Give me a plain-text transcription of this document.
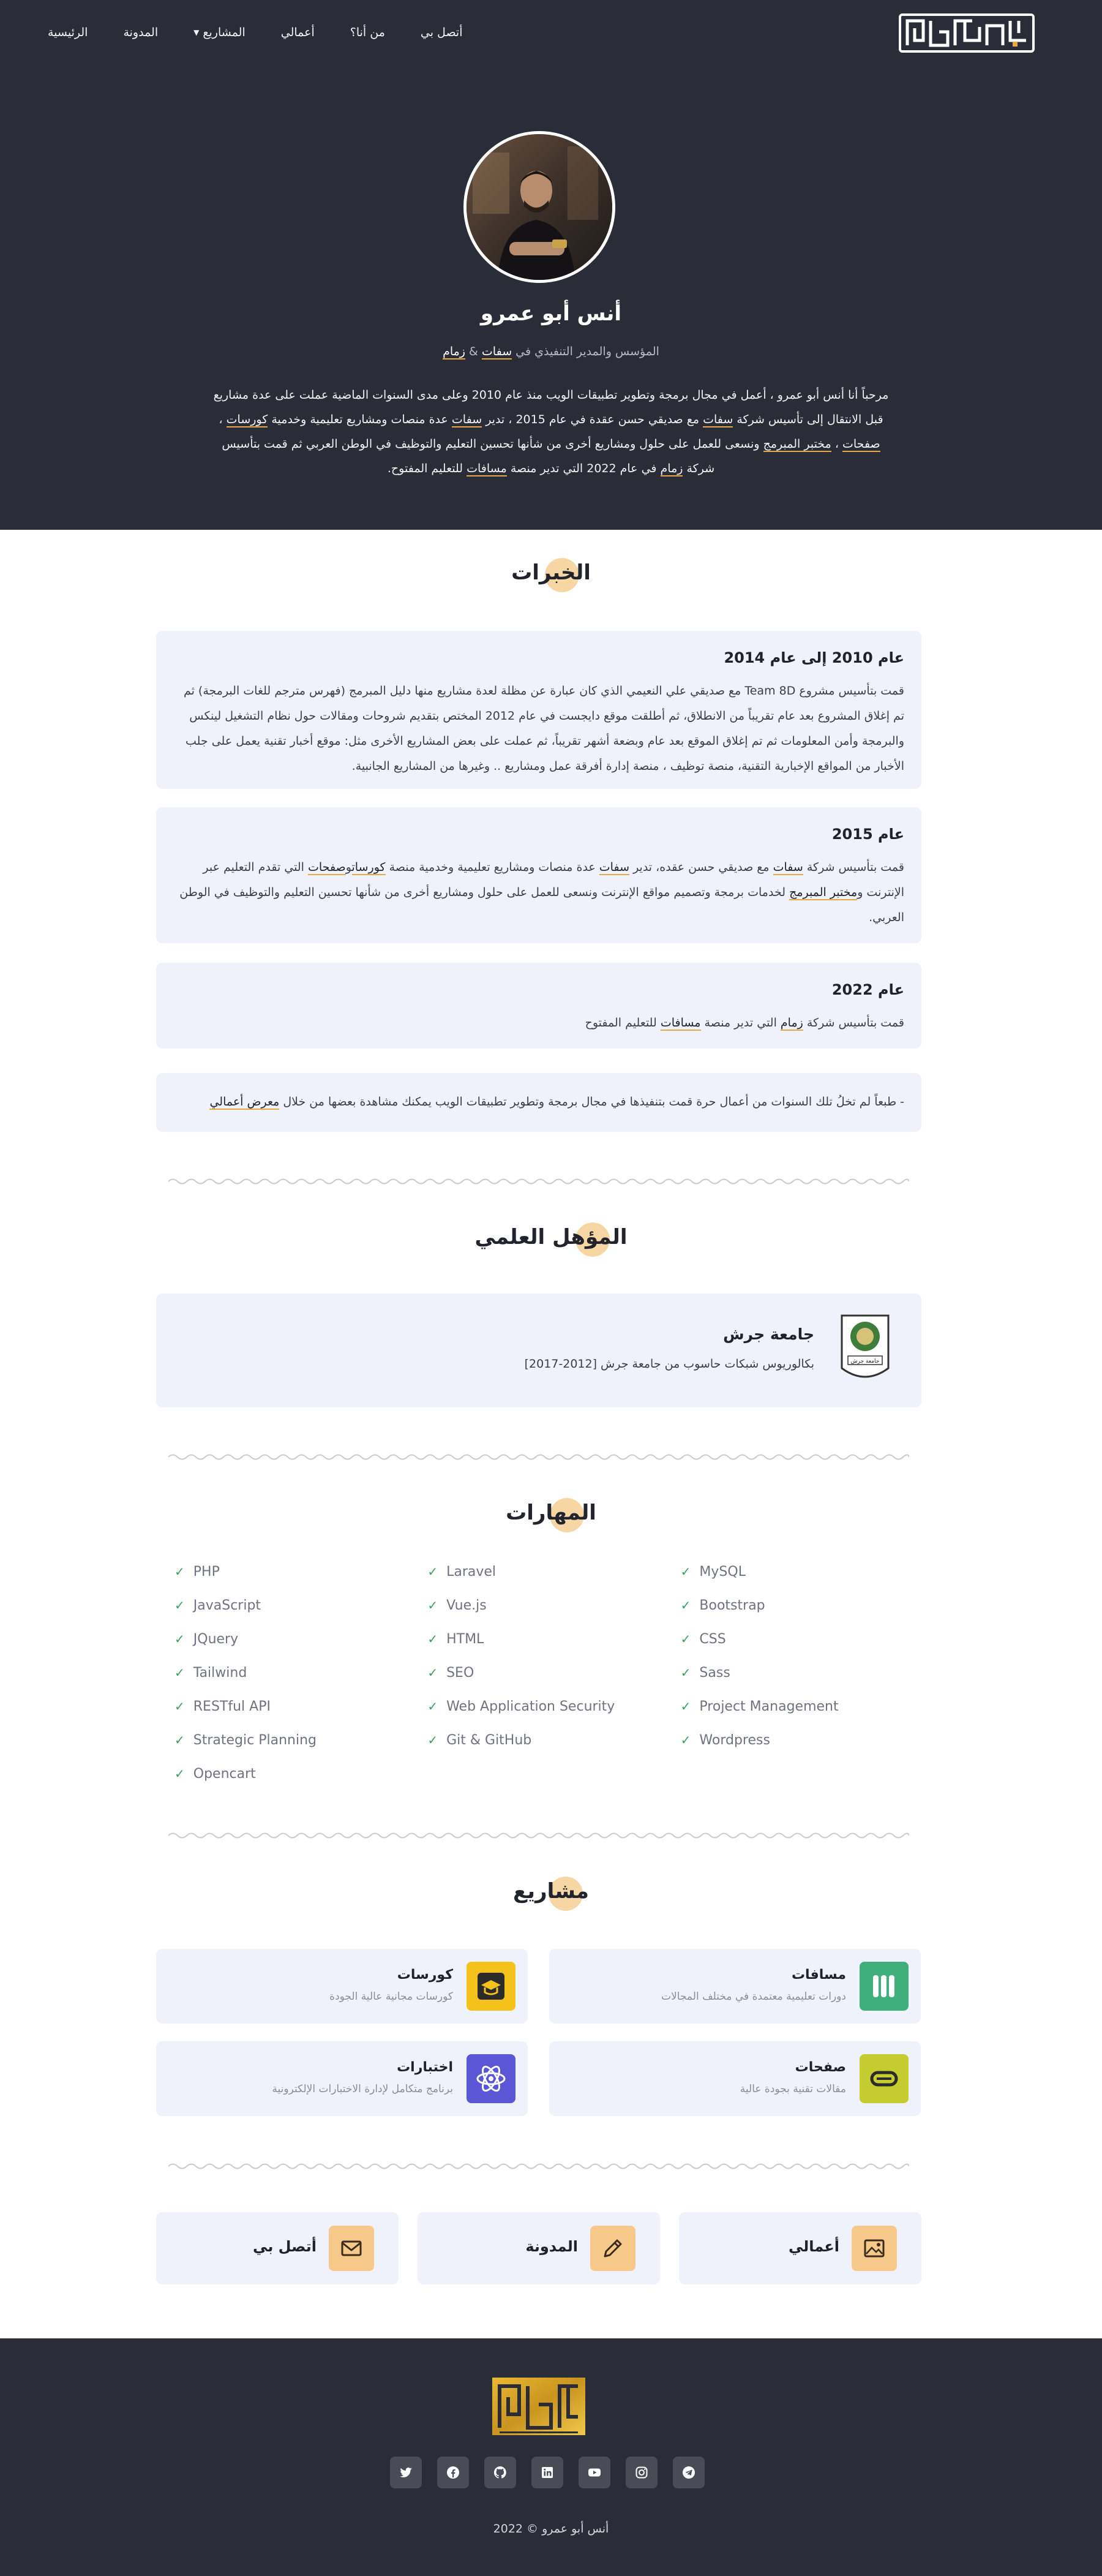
الرئيسية	المدونة	المشاريع
▼	أعمالي	من أنا؟	أتصل بي
أنس أبو عمرو

المؤسس والمدير التنفيذي في سفات & زمام

مرحباً أنا أنس أبو عمرو ، أعمل في مجال برمجة وتطوير تطبيقات الويب منذ عام 2010 وعلى مدى السنوات الماضية عملت على عدة مشاريع قبل الانتقال إلى تأسيس شركة سفات مع صديقي حسن عقدة في عام 2015 ، تدير سفات عدة منصات ومشاريع تعليمية وخدمية كورسات ، صفحات ، مختبر المبرمج ونسعى للعمل على حلول ومشاريع أخرى من شأنها تحسين التعليم والتوظيف في الوطن العربي ثم قمت بتأسيس شركة زمام في عام 2022 التي تدير منصة مسافات للتعليم المفتوح.

الخبرات
عام 2010 إلى عام 2014
قمت بتأسيس مشروع Team 8D مع صديقي علي النعيمي الذي كان عبارة عن مظلة لعدة مشاريع منها دليل المبرمج (فهرس مترجم للغات البرمجة) ثم تم إغلاق المشروع بعد عام تقريباً من الانطلاق، ثم أطلقت موقع دايجست في عام 2012 المختص بتقديم شروحات ومقالات حول نظام التشغيل لينكس والبرمجة وأمن المعلومات ثم تم إغلاق الموقع بعد عام وبضعة أشهر تقريباً، ثم عملت على بعض المشاريع الأخرى مثل: موقع أخبار تقنية يعمل على جلب الأخبار من المواقع الإخبارية التقنية، منصة توظيف ، منصة إدارة أفرقة عمل ومشاريع .. وغيرها من المشاريع الجانبية.
عام 2015
قمت بتأسيس شركة سفات مع صديقي حسن عقده، تدير سفات عدة منصات ومشاريع تعليمية وخدمية منصة كورساتوصفحات التي تقدم التعليم عبر الإنترنت ومختبر المبرمج لخدمات برمجة وتصميم مواقع الإنترنت ونسعى للعمل على حلول ومشاريع أخرى من شأنها تحسين التعليم والتوظيف في الوطن العربي.
عام 2022
قمت بتأسيس شركة زمام التي تدير منصة مسافات للتعليم المفتوح
- طبعاً لم تخلُ تلك السنوات من أعمال حرة قمت بتنفيذها في مجال برمجة وتطوير تطبيقات الويب يمكنك مشاهدة بعضها من خلال معرض أعمالي
المؤهل العلمي
جامعة جرش
جامعة جرش
بكالوريوس شبكات حاسوب من جامعة جرش [2012-2017]
المهارات
✓ PHP	✓ Laravel	✓ MySQL
✓ JavaScript	✓ Vue.js	✓ Bootstrap
✓ JQuery	✓ HTML	✓ CSS
✓ Tailwind	✓ SEO	✓ Sass
✓ RESTful API	✓ Web Application Security	✓ Project Management
✓ Strategic Planning	✓ Git & GitHub	✓ Wordpress
✓ Opencart
مشاريع
مسافات
دورات تعليمية معتمدة في مختلف المجالات
كورسات
كورسات مجانية عالية الجودة
صفحات
مقالات تقنية بجودة عالية
اختبارات
برنامج متكامل لإدارة الاختبارات الإلكترونية
أعمالي
المدونة
أتصل بي
أنس أبو عمرو © 2022
